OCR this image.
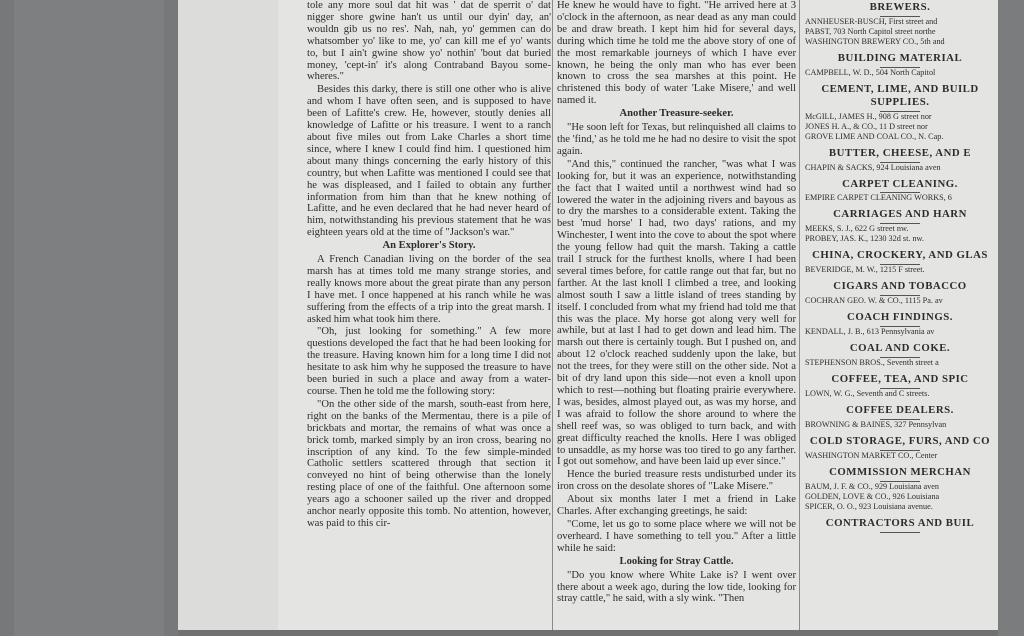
tole any more soul dat hit was ' dat de sperrit o' dat nigger shore gwine han't us until our dyin' day, an' wouldn gib us no res'. Nah, nah, yo' gemmen can do whatsomber yo' like to me, yo' can kill me ef yo' wants to, but I ain't gwine show yo' nothin' 'bout dat buried money, 'cept-in' it's along Contraband Bayou some-wheres."

Besides this darky, there is still one other who is alive and whom I have often seen, and is supposed to have been of Lafitte's crew. He, however, stoutly denies all knowledge of Lafitte or his treasure. I went to a ranch about five miles out from Lake Charles a short time since, where I knew I could find him. I questioned him about many things concerning the early history of this country, but when Lafitte was mentioned I could see that he was displeased, and I failed to obtain any further information from him than that he knew nothing of Lafitte, and he even declared that he had never heard of him, notwithstanding his previous statement that he was eighteen years old at the time of "Jackson's war."

An Explorer's Story.

A French Canadian living on the border of the sea marsh has at times told me many strange stories, and really knows more about the great pirate than any person I have met. I once happened at his ranch while he was suffering from the effects of a trip into the great marsh. I asked him what took him there.

"Oh, just looking for something." A few more questions developed the fact that he had been looking for the treasure. Having known him for a long time I did not hesitate to ask him why he supposed the treasure to have been buried in such a place and away from a water-course. Then he told me the following story:

"On the other side of the marsh, south-east from here, right on the banks of the Mermentau, there is a pile of brickbats and mortar, the remains of what was once a brick tomb, marked simply by an iron cross, bearing no inscription of any kind. To the few simple-minded Catholic settlers scattered through that section it conveyed no hint of being otherwise than the lonely resting place of one of the faithful. One afternoon some years ago a schooner sailed up the river and dropped anchor nearly opposite this tomb. No attention, however, was paid to this cir-

He knew he would have to fight. "He arrived here at 3 o'clock in the afternoon, as near dead as any man could be and draw breath. I kept him hid for several days, during which time he told me the above story of one of the most remarkable journeys of which I have ever known, he being the only man who has ever been known to cross the sea marshes at this point. He christened this body of water 'Lake Misere,' and well named it.

Another Treasure-seeker.

"He soon left for Texas, but relinquished all claims to the 'find,' as he told me he had no desire to visit the spot again.

"And this," continued the rancher, "was what I was looking for, but it was an experience, notwithstanding the fact that I waited until a northwest wind had so lowered the water in the adjoining rivers and bayous as to dry the marshes to a considerable extent. Taking the best 'mud horse' I had, two days' rations, and my Winchester, I went into the cove to about the spot where the young fellow had quit the marsh. Taking a cattle trail I struck for the furthest knolls, where I had been several times before, for cattle range out that far, but no farther. At the last knoll I climbed a tree, and looking almost south I saw a little island of trees standing by itself. I concluded from what my friend had told me that this was the place. My horse got along very well for awhile, but at last I had to get down and lead him. The marsh out there is certainly tough. But I pushed on, and about 12 o'clock reached suddenly upon the lake, but not the trees, for they were still on the other side. Not a bit of dry land upon this side—not even a knoll upon which to rest—nothing but floating prairie everywhere. I was, besides, almost played out, as was my horse, and I was afraid to follow the shore around to where the shell reef was, so was obliged to turn back, and with great difficulty reached the knolls. Here I was obliged to unsaddle, as my horse was too tired to go any farther. I got out somehow, and have been laid up ever since."

Hence the buried treasure rests undisturbed under its iron cross on the desolate shores of "Lake Misere."

About six months later I met a friend in Lake Charles. After exchanging greetings, he said:

"Come, let us go to some place where we will not be overheard. I have something to tell you." After a little while he said:

Looking for Stray Cattle.

"Do you know where White Lake is? I went over there about a week ago, during the low tide, looking for stray cattle," he said, with a sly wink. "Then

BREWERS.
ANNHEUSER-BUSCH, First street and
PABST, 703 North Capitol street northe
WASHINGTON BREWERY CO., 5th and
BUILDING MATERIAL
CAMPBELL, W. D., 504 North Capitol
CEMENT, LIME, AND BUILD
SUPPLIES.
McGILL, JAMES H., 908 G street nor
JONES H. A., & CO., 11 D street nor
GROVE LIME AND COAL CO., N. Cap.
BUTTER, CHEESE, AND E
CHAPIN & SACKS, 924 Louisiana aven
CARPET CLEANING.
EMPIRE CARPET CLEANING WORKS, 6
CARRIAGES AND HARN
MEEKS, S. J., 622 G street nw.
PROBEY, JAS. K., 1230 32d st. nw.
CHINA, CROCKERY, AND GLAS
BEVERIDGE, M. W., 1215 F street.
CIGARS AND TOBACCO
COCHRAN GEO. W. & CO., 1115 Pa. av
COACH FINDINGS.
KENDALL, J. B., 613 Pennsylvania av
COAL AND COKE.
STEPHENSON BROS., Seventh street a
COFFEE, TEA, AND SPIC
LOWN, W. G., Seventh and C streets.
COFFEE DEALERS.
BROWNING & BAINES, 327 Pennsylvan
COLD STORAGE, FURS, AND CO
WASHINGTON MARKET CO., Center
COMMISSION MERCHAN
BAUM, J. F. & CO., 929 Louisiana aven
GOLDEN, LOVE & CO., 926 Louisiana
SPICER, O. O., 923 Louisiana avenue.
CONTRACTORS AND BUIL
